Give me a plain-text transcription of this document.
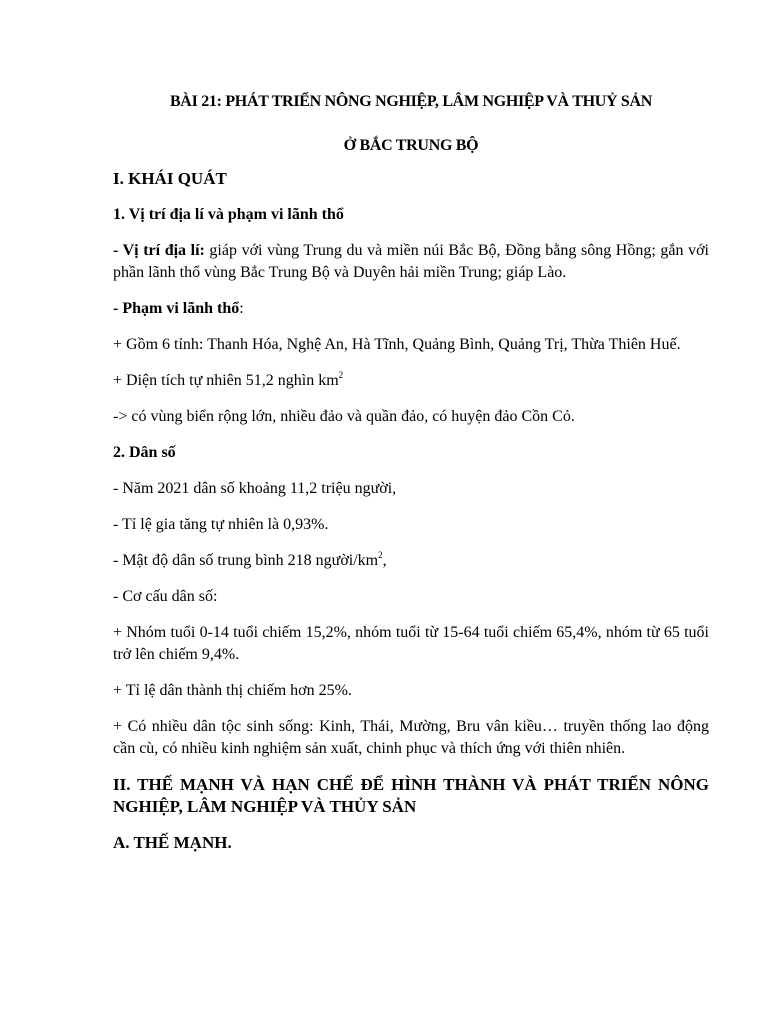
BÀI 21: PHÁT TRIỂN NÔNG NGHIỆP, LÂM NGHIỆP VÀ THUỶ SẢN

Ở BẮC TRUNG BỘ

I. KHÁI QUÁT

1. Vị trí địa lí và phạm vi lãnh thổ

- Vị trí địa lí: giáp với vùng Trung du và miền núi Bắc Bộ, Đồng bằng sông Hồng; gắn với phần lãnh thổ vùng Bắc Trung Bộ và Duyên hải miền Trung; giáp Lào.

- Phạm vi lãnh thổ:

+ Gồm 6 tỉnh: Thanh Hóa, Nghệ An, Hà Tĩnh, Quảng Bình, Quảng Trị, Thừa Thiên Huế.

+ Diện tích tự nhiên 51,2 nghìn $km^2$

-> có vùng biển rộng lớn, nhiều đảo và quần đảo, có huyện đảo Cồn Cỏ.

2. Dân số

- Năm 2021 dân số khoảng 11,2 triệu người,

- Tỉ lệ gia tăng tự nhiên là 0,93%.

- Mật độ dân số trung bình 218 người/$km^2$,

- Cơ cấu dân số:

+ Nhóm tuổi 0-14 tuổi chiếm 15,2%, nhóm tuổi từ 15-64 tuổi chiếm 65,4%, nhóm từ 65 tuổi trở lên chiếm 9,4%.

+ Tỉ lệ dân thành thị chiếm hơn 25%.

+ Có nhiều dân tộc sinh sống: Kinh, Thái, Mường, Bru vân kiều… truyền thống lao động cần cù, có nhiều kinh nghiệm sản xuất, chinh phục và thích ứng với thiên nhiên.

II. THẾ MẠNH VÀ HẠN CHẾ ĐỂ HÌNH THÀNH VÀ PHÁT TRIỂN NÔNG NGHIỆP, LÂM NGHIỆP VÀ THỦY SẢN

A. THẾ MẠNH.
